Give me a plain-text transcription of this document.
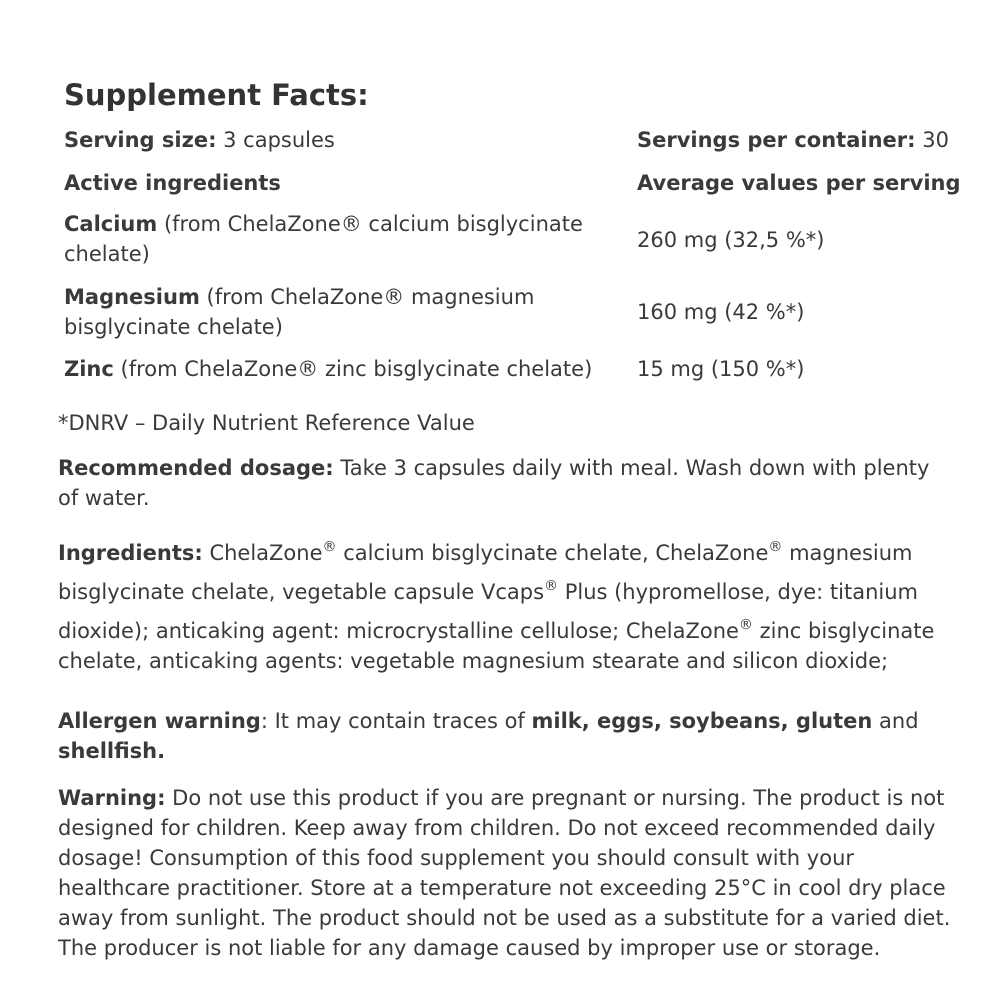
Supplement Facts:
Serving size: 3 capsules	Servings per container: 30
Active ingredients	Average values per serving
Calcium (from ChelaZone® calcium bisglycinate
chelate)
260 mg (32,5 %*)
Magnesium (from ChelaZone® magnesium
bisglycinate chelate)
160 mg (42 %*)
Zinc (from ChelaZone® zinc bisglycinate chelate) 15 mg (150 %*)
*DNRV – Daily Nutrient Reference Value
Recommended dosage: Take 3 capsules daily with meal. Wash down with plenty
of water.
Ingredients: ChelaZone® calcium bisglycinate chelate, ChelaZone® magnesium
bisglycinate chelate, vegetable capsule Vcaps® Plus (hypromellose, dye: titanium
dioxide); anticaking agent: microcrystalline cellulose; ChelaZone® zinc bisglycinate
chelate, anticaking agents: vegetable magnesium stearate and silicon dioxide;
Allergen warning: It may contain traces of milk, eggs, soybeans, gluten and
shellfish.
Warning: Do not use this product if you are pregnant or nursing. The product is not
designed for children. Keep away from children. Do not exceed recommended daily
dosage! Consumption of this food supplement you should consult with your
healthcare practitioner. Store at a temperature not exceeding 25°C in cool dry place
away from sunlight. The product should not be used as a substitute for a varied diet.
The producer is not liable for any damage caused by improper use or storage.
